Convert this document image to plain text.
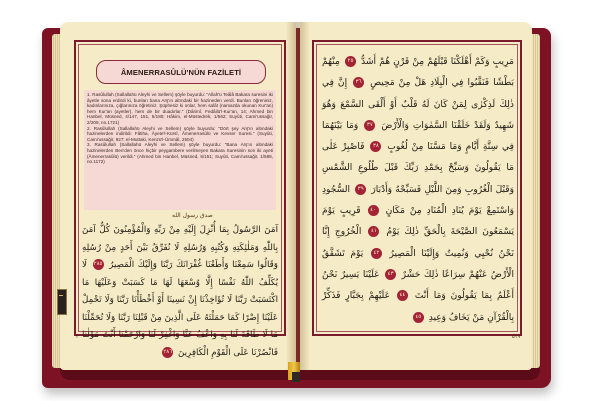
ÂMENERRASÛLÜ'NÜN FAZİLETİ

1. Rasûlullah (Sallallahü Aleyhi ve Sellem) şöyle buyurdu: "Allah'ü Teâlâ Bakara suresini iki âyetle sona erdirdi ki, bunları bana Arş'ın altındaki bir hazineden verdi. Bunları öğreniniz, kadınlarınıza, çığlarınıza öğretiniz. Şüphesiz ki onlar, hem salât (namazda okunan Kur'an) hem Kur'an (ayetler), hem de bir duadırlar." (Dârimî, Fedâilü'l-Kur'an, 14; Ahmed bin Hanbel, Müsned, 4/147, 151, 5/180; Hâkim, el-Müstedrek, 1/562; Suyûti, Cami'ussağir, 2/209, no.1721)

2. Rasûlullah (Sallallahü Aleyhi ve Sellem) şöyle buyurdu: "Dört şey Arş'ın altındaki hazinelerden indirildi: Fâtiha, Âyete'l-Kürsî, Âmenerrasûlü ve Kevser Suresi." (Suyûti, Cami'ussağir, 927; el-Muttaki, Kenzü'l-Ümmâl, 2504)

3. Rasûlullah (Sallallahü Aleyhi ve Sellem) şöyle buyurdu: "Bana Arş'ın altındaki hazinelerden Ben'den önce hiçbir peygambere verilmeyen Bakara Suresinin son iki ayeti (Âmenerrasûlü) verildi." (Ahmed bin Hanbel, Müsned, 5/151; Suyûti, Cami'ussağir, 1/588, no.1172)

صدق رسول الله
آمَنَ الرَّسُولُ بِمَا أُنْزِلَ إِلَيْهِ مِنْ رَبِّهِ وَالْمُؤْمِنُونَ كُلٌّ آمَنَ بِاللّٰهِ وَمَلٰئِكَتِهِ وَكُتُبِهِ وَرُسُلِهِ لَا نُفَرِّقُ بَيْنَ أَحَدٍ مِنْ رُسُلِهِ وَقَالُوا سَمِعْنَا وَأَطَعْنَا غُفْرَانَكَ رَبَّنَا وَإِلَيْكَ الْمَصِيرُ ٢٨٥ لَا يُكَلِّفُ اللّٰهُ نَفْسًا إِلَّا وُسْعَهَا لَهَا مَا كَسَبَتْ وَعَلَيْهَا مَا اكْتَسَبَتْ رَبَّنَا لَا تُؤَاخِذْنَا إِنْ نَسِينَا أَوْ أَخْطَأْنَا رَبَّنَا وَلَا تَحْمِلْ عَلَيْنَا إِصْرًا كَمَا حَمَلْتَهُ عَلَى الَّذِينَ مِنْ قَبْلِنَا رَبَّنَا وَلَا تُحَمِّلْنَا مَا لَا طَاقَةَ لَنَا بِهِ وَاعْفُ عَنَّا وَاغْفِرْ لَنَا وَارْحَمْنَا أَنْتَ مَوْلٰنَا فَانْصُرْنَا عَلَى الْقَوْمِ الْكَافِرِينَ ٢٨٦
مَرِيبٍ وَكَمْ أَهْلَكْنَا قَبْلَهُمْ مِنْ قَرْنٍ هُمْ أَشَدُّ ٢٥ مِنْهُمْ بَطْشًا فَنَقَّبُوا فِي الْبِلَادِ هَلْ مِنْ مَحِيصٍ ٣٦ إِنَّ فِي ذٰلِكَ لَذِكْرٰى لِمَنْ كَانَ لَهُ قَلْبٌ أَوْ أَلْقَى السَّمْعَ وَهُوَ شَهِيدٌ وَلَقَدْ خَلَقْنَا السَّمٰوَاتِ وَالْأَرْضَ ٣٧ وَمَا بَيْنَهُمَا فِي سِتَّةِ أَيَّامٍ وَمَا مَسَّنَا مِنْ لُغُوبٍ ٣٨ فَاصْبِرْ عَلٰى مَا يَقُولُونَ وَسَبِّحْ بِحَمْدِ رَبِّكَ قَبْلَ طُلُوعِ الشَّمْسِ وَقَبْلَ الْغُرُوبِ وَمِنَ اللَّيْلِ فَسَبِّحْهُ وَأَدْبَارَ ٣٩ السُّجُودِ وَاسْتَمِعْ يَوْمَ يُنَادِ الْمُنَادِ مِنْ مَكَانٍ ٤٠ قَرِيبٍ يَوْمَ يَسْمَعُونَ الصَّيْحَةَ بِالْحَقِّ ذٰلِكَ يَوْمُ ٤١ الْخُرُوجِ إِنَّا نَحْنُ نُحْيِي وَنُمِيتُ وَإِلَيْنَا الْمَصِيرُ ٤٢ يَوْمَ تَشَقَّقُ الْأَرْضُ عَنْهُمْ سِرَاعًا ذٰلِكَ حَشْرٌ ٤٣ عَلَيْنَا يَسِيرٌ نَحْنُ أَعْلَمُ بِمَا يَقُولُونَ وَمَا أَنْتَ ٤٤ عَلَيْهِمْ بِجَبَّارٍ فَذَكِّرْ بِالْقُرْآنِ مَنْ يَخَافُ وَعِيدِ ٤٥
٢	٥١٩
